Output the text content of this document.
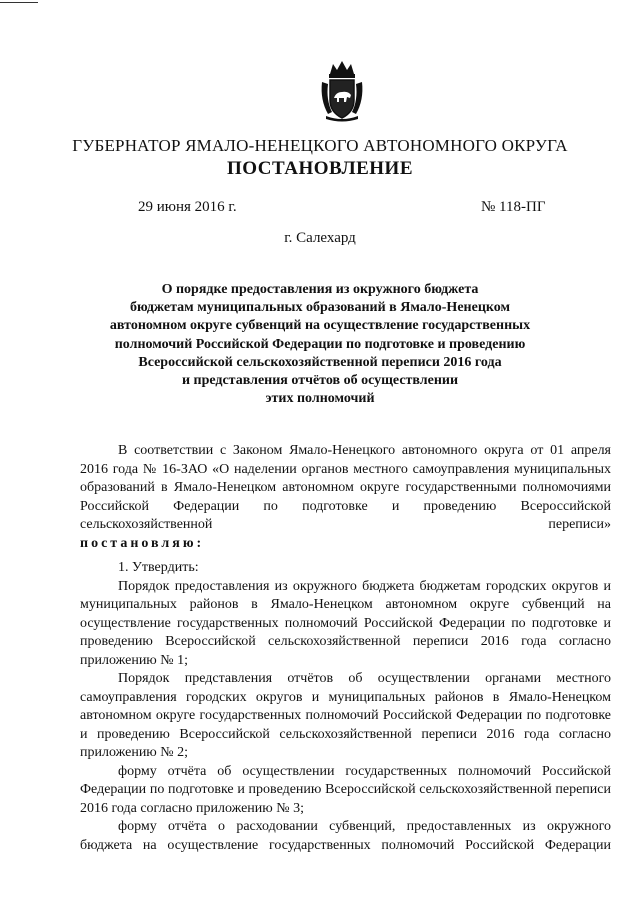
ГУБЕРНАТОР ЯМАЛО-НЕНЕЦКОГО АВТОНОМНОГО ОКРУГА
ПОСТАНОВЛЕНИЕ
29 июня 2016 г.	№ 118-ПГ
г. Салехард
О порядке предоставления из окружного бюджета
бюджетам муниципальных образований в Ямало-Ненецком
автономном округе субвенций на осуществление государственных
полномочий Российской Федерации по подготовке и проведению
Всероссийской сельскохозяйственной переписи 2016 года
и представления отчётов об осуществлении
этих полномочий

В соответствии с Законом Ямало-Ненецкого автономного округа от 01 апреля 2016 года № 16-ЗАО «О наделении органов местного самоуправления муниципальных образований в Ямало-Ненецком автономном округе государственными полномочиями Российской Федерации по подготовке и проведению Всероссийской сельскохозяйственной переписи»

постановляю:

1. Утвердить:

Порядок предоставления из окружного бюджета бюджетам городских округов и муниципальных районов в Ямало-Ненецком автономном округе субвенций на осуществление государственных полномочий Российской Федерации по подготовке и проведению Всероссийской сельскохозяйственной переписи 2016 года согласно приложению № 1;

Порядок представления отчётов об осуществлении органами местного самоуправления городских округов и муниципальных районов в Ямало-Ненецком автономном округе государственных полномочий Российской Федерации по подготовке и проведению Всероссийской сельскохозяйственной переписи 2016 года согласно приложению № 2;

форму отчёта об осуществлении государственных полномочий Российской Федерации по подготовке и проведению Всероссийской сельскохозяйственной переписи 2016 года согласно приложению № 3;

форму отчёта о расходовании субвенций, предоставленных из окружного бюджета на осуществление государственных полномочий Российской Федерации
